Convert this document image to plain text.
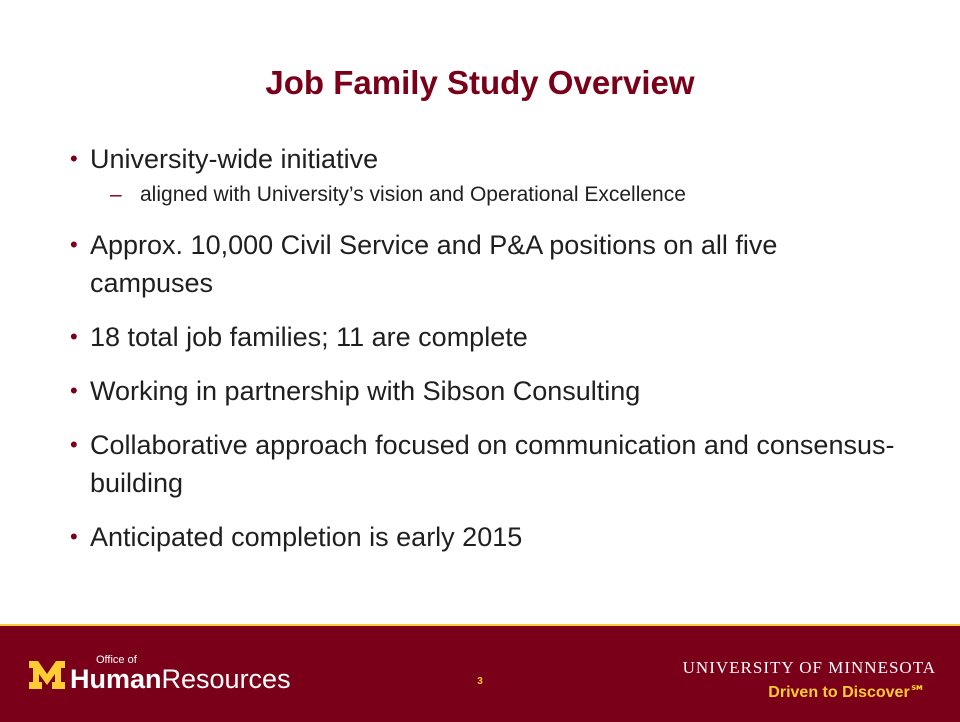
Job Family Study Overview
• University-wide initiative
– aligned with University’s vision and Operational Excellence
• Approx. 10,000 Civil Service and P&A positions on all five campuses
• 18 total job families; 11 are complete
• Working in partnership with Sibson Consulting
• Collaborative approach focused on communication and consensus-building
• Anticipated completion is early 2015
Office of
HumanResources	3
UNIVERSITY OF MINNESOTA
Driven to Discover℠
